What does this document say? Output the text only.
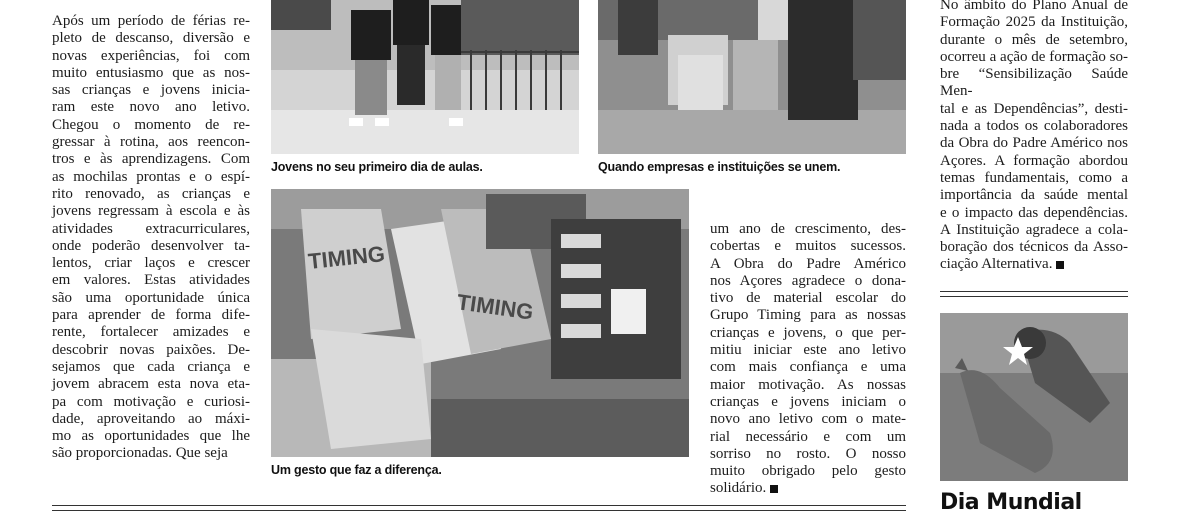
Após um período de férias re-
pleto de descanso, diversão e
novas experiências, foi com
muito entusiasmo que as nos-
sas crianças e jovens inicia-
ram este novo ano letivo.
Chegou o momento de re-
gressar à rotina, aos reencon-
tros e às aprendizagens. Com
as mochilas prontas e o espí-
rito renovado, as crianças e
jovens regressam à escola e às
atividades extracurriculares,
onde poderão desenvolver ta-
lentos, criar laços e crescer
em valores. Estas atividades
são uma oportunidade única
para aprender de forma dife-
rente, fortalecer amizades e
descobrir novas paixões. De-
sejamos que cada criança e
jovem abracem esta nova eta-
pa com motivação e curiosi-
dade, aproveitando ao máxi-
mo as oportunidades que lhe
são proporcionadas. Que seja
Jovens no seu primeiro dia de aulas.	Quando empresas e instituições se unem.
TIMING
TIMING
Um gesto que faz a diferença.
um ano de crescimento, des-
cobertas e muitos sucessos.
A Obra do Padre Américo
nos Açores agradece o dona-
tivo de material escolar do
Grupo Timing para as nossas
crianças e jovens, o que per-
mitiu iniciar este ano letivo
com mais confiança e uma
maior motivação. As nossas
crianças e jovens iniciam o
novo ano letivo com o mate-
rial necessário e com um
sorriso no rosto. O nosso
muito obrigado pelo gesto
solidário.
No âmbito do Plano Anual de
Formação 2025 da Instituição,
durante o mês de setembro,
ocorreu a ação de formação so-
bre “Sensibilização Saúde Men-
tal e as Dependências”, desti-
nada a todos os colaboradores
da Obra do Padre Américo nos
Açores. A formação abordou
temas fundamentais, como a
importância da saúde mental
e o impacto das dependências.
A Instituição agradece a cola-
boração dos técnicos da Asso-
ciação Alternativa.
Dia Mundial
